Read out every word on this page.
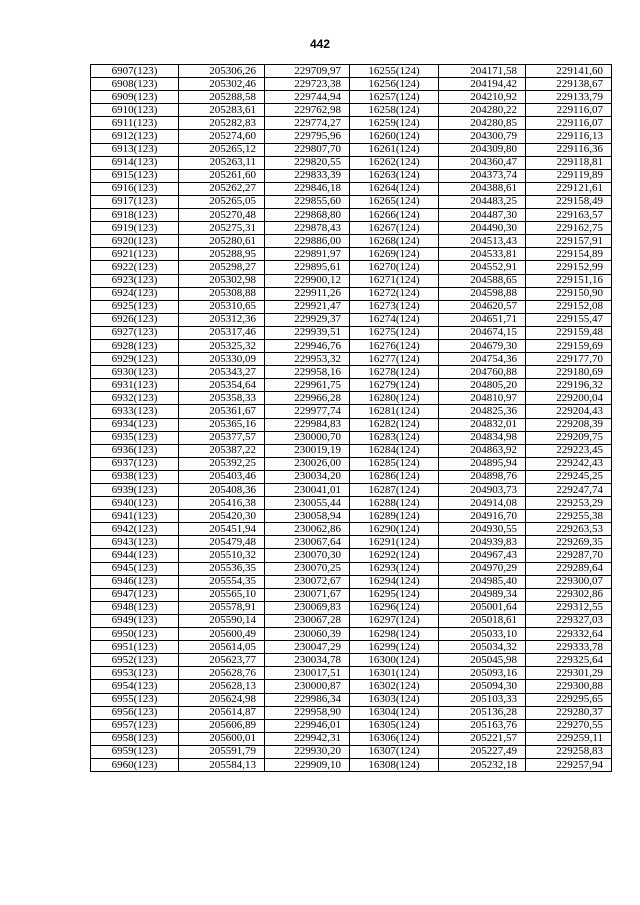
442
6907(123)	205306,26	229709,97	16255(124)	204171,58	229141,60
6908(123)	205302,46	229723,38	16256(124)	204194,42	229138,67
6909(123)	205288,58	229744,94	16257(124)	204210,92	229133,79
6910(123)	205283,61	229762,98	16258(124)	204280,22	229116,07
6911(123)	205282,83	229774,27	16259(124)	204280,85	229116,07
6912(123)	205274,60	229795,96	16260(124)	204300,79	229116,13
6913(123)	205265,12	229807,70	16261(124)	204309,80	229116,36
6914(123)	205263,11	229820,55	16262(124)	204360,47	229118,81
6915(123)	205261,60	229833,39	16263(124)	204373,74	229119,89
6916(123)	205262,27	229846,18	16264(124)	204388,61	229121,61
6917(123)	205265,05	229855,60	16265(124)	204483,25	229158,49
6918(123)	205270,48	229868,80	16266(124)	204487,30	229163,57
6919(123)	205275,31	229878,43	16267(124)	204490,30	229162,75
6920(123)	205280,61	229886,00	16268(124)	204513,43	229157,91
6921(123)	205288,95	229891,97	16269(124)	204533,81	229154,89
6922(123)	205298,27	229895,61	16270(124)	204552,91	229152,99
6923(123)	205302,98	229900,12	16271(124)	204588,65	229151,16
6924(123)	205308,88	229911,26	16272(124)	204598,88	229150,90
6925(123)	205310,65	229921,47	16273(124)	204620,57	229152,08
6926(123)	205312,36	229929,37	16274(124)	204651,71	229155,47
6927(123)	205317,46	229939,51	16275(124)	204674,15	229159,48
6928(123)	205325,32	229946,76	16276(124)	204679,30	229159,69
6929(123)	205330,09	229953,32	16277(124)	204754,36	229177,70
6930(123)	205343,27	229958,16	16278(124)	204760,88	229180,69
6931(123)	205354,64	229961,75	16279(124)	204805,20	229196,32
6932(123)	205358,33	229966,28	16280(124)	204810,97	229200,04
6933(123)	205361,67	229977,74	16281(124)	204825,36	229204,43
6934(123)	205365,16	229984,83	16282(124)	204832,01	229208,39
6935(123)	205377,57	230000,70	16283(124)	204834,98	229209,75
6936(123)	205387,22	230019,19	16284(124)	204863,92	229223,45
6937(123)	205392,25	230026,00	16285(124)	204895,94	229242,43
6938(123)	205403,46	230034,20	16286(124)	204898,76	229245,25
6939(123)	205408,36	230041,01	16287(124)	204903,73	229247,74
6940(123)	205416,38	230055,44	16288(124)	204914,08	229253,29
6941(123)	205420,30	230058,94	16289(124)	204916,70	229255,38
6942(123)	205451,94	230062,86	16290(124)	204930,55	229263,53
6943(123)	205479,48	230067,64	16291(124)	204939,83	229269,35
6944(123)	205510,32	230070,30	16292(124)	204967,43	229287,70
6945(123)	205536,35	230070,25	16293(124)	204970,29	229289,64
6946(123)	205554,35	230072,67	16294(124)	204985,40	229300,07
6947(123)	205565,10	230071,67	16295(124)	204989,34	229302,86
6948(123)	205578,91	230069,83	16296(124)	205001,64	229312,55
6949(123)	205590,14	230067,28	16297(124)	205018,61	229327,03
6950(123)	205600,49	230060,39	16298(124)	205033,10	229332,64
6951(123)	205614,05	230047,29	16299(124)	205034,32	229333,78
6952(123)	205623,77	230034,78	16300(124)	205045,98	229325,64
6953(123)	205628,76	230017,51	16301(124)	205093,16	229301,29
6954(123)	205628,13	230000,87	16302(124)	205094,30	229300,88
6955(123)	205624,98	229986,34	16303(124)	205103,33	229295,65
6956(123)	205614,87	229958,90	16304(124)	205136,28	229280,37
6957(123)	205606,89	229946,01	16305(124)	205163,76	229270,55
6958(123)	205600,01	229942,31	16306(124)	205221,57	229259,11
6959(123)	205591,79	229930,20	16307(124)	205227,49	229258,83
6960(123)	205584,13	229909,10	16308(124)	205232,18	229257,94
